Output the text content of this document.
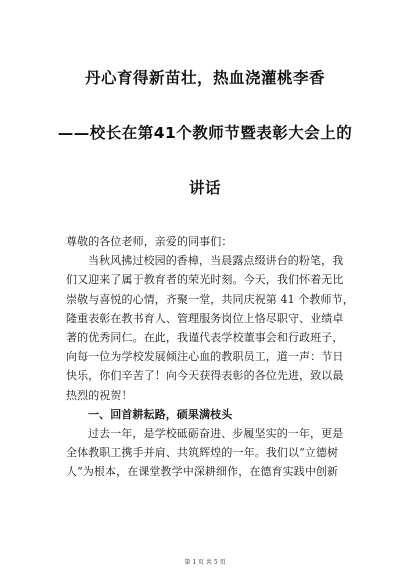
丹心育得新苗壮，热血浇灌桃李香
——校长在第41个教师节暨表彰大会上的
讲话
尊敬的各位老师，亲爱的同事们：
当秋风拂过校园的香樟，当晨露点缀讲台的粉笔，我
们又迎来了属于教育者的荣光时刻。今天，我们怀着无比
崇敬与喜悦的心情，齐聚一堂，共同庆祝第 41 个教师节，
隆重表彰在教书育人、管理服务岗位上恪尽职守、业绩卓
著的优秀同仁。在此，我谨代表学校董事会和行政班子，
向每一位为学校发展倾注心血的教职员工，道一声：节日
快乐，你们辛苦了！向今天获得表彰的各位先进，致以最
热烈的祝贺！
一、回首耕耘路，硕果满枝头
过去一年，是学校砥砺奋进、步履坚实的一年，更是
全体教职工携手并肩、共筑辉煌的一年。我们以“立德树
人”为根本，在课堂教学中深耕细作，在德育实践中创新
第 1 页 共 5 页
